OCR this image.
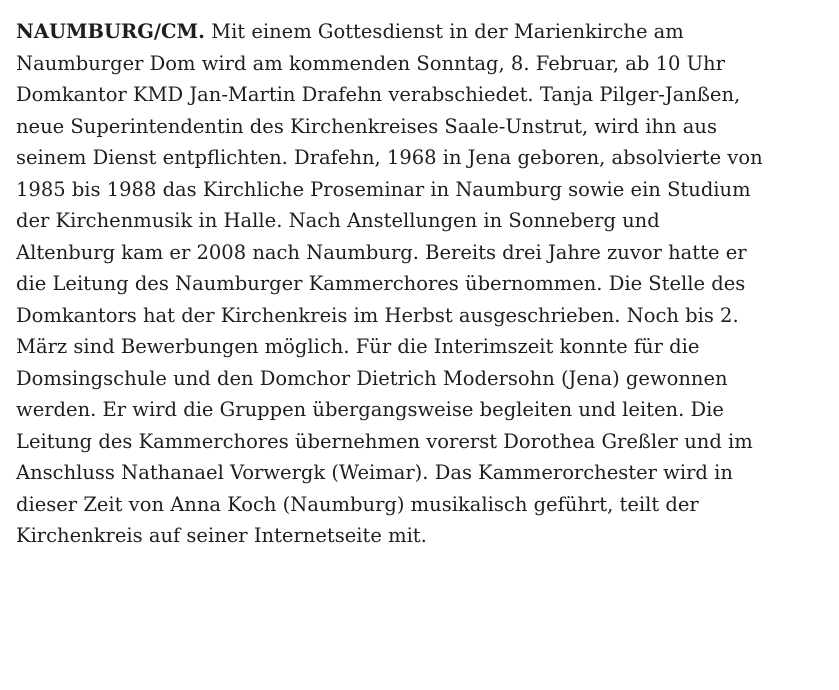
NAUMBURG/CM. Mit einem Gottesdienst in der Marienkirche am
Naumburger Dom wird am kommenden Sonntag, 8. Februar, ab 10 Uhr
Domkantor KMD Jan-Martin Drafehn verabschiedet. Tanja Pilger-Janßen,
neue Superintendentin des Kirchenkreises Saale-Unstrut, wird ihn aus
seinem Dienst entpflichten. Drafehn, 1968 in Jena geboren, absolvierte von
1985 bis 1988 das Kirchliche Proseminar in Naumburg sowie ein Studium
der Kirchenmusik in Halle. Nach Anstellungen in Sonneberg und
Altenburg kam er 2008 nach Naumburg. Bereits drei Jahre zuvor hatte er
die Leitung des Naumburger Kammerchores übernommen. Die Stelle des
Domkantors hat der Kirchenkreis im Herbst ausgeschrieben. Noch bis 2.
März sind Bewerbungen möglich. Für die Interimszeit konnte für die
Domsingschule und den Domchor Dietrich Modersohn (Jena) gewonnen
werden. Er wird die Gruppen übergangsweise begleiten und leiten. Die
Leitung des Kammerchores übernehmen vorerst Dorothea Greßler und im
Anschluss Nathanael Vorwergk (Weimar). Das Kammerorchester wird in
dieser Zeit von Anna Koch (Naumburg) musikalisch geführt, teilt der
Kirchenkreis auf seiner Internetseite mit.
